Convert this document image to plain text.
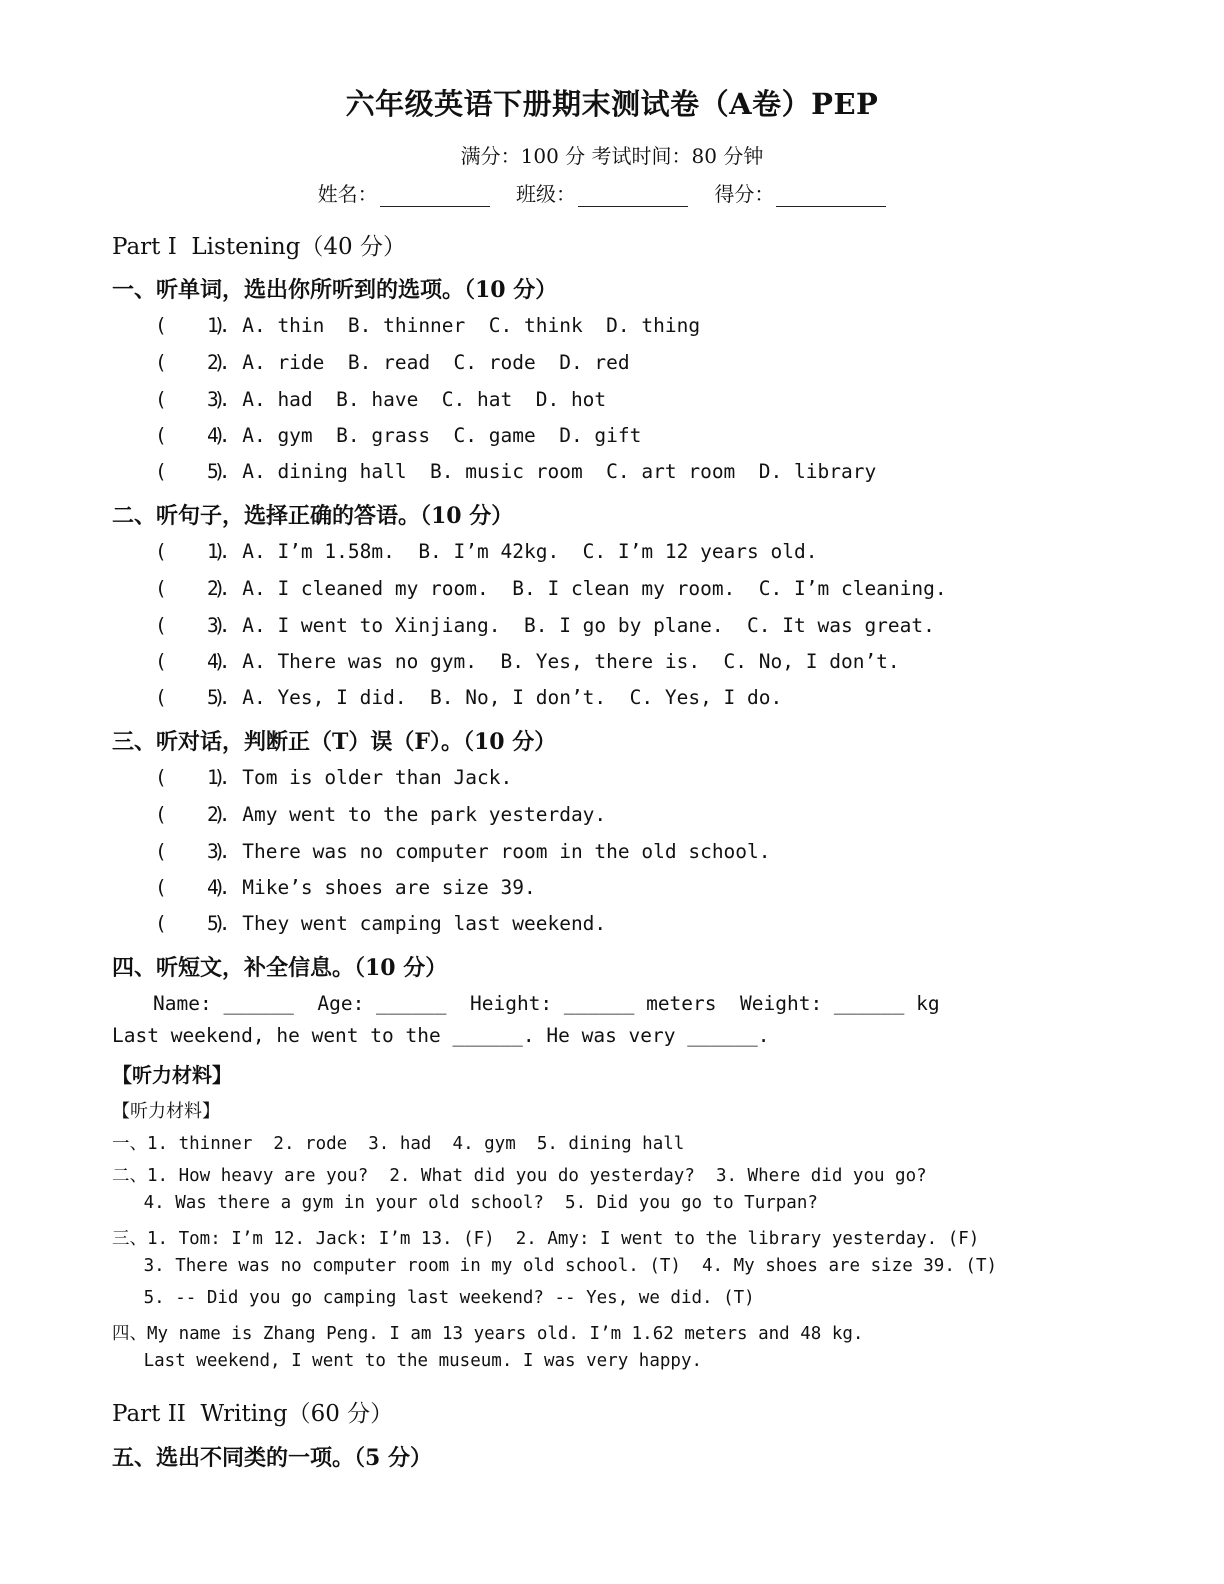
六年级英语下册期末测试卷（A卷）PEP
满分：100 分 考试时间：80 分钟
姓名：	班级：	得分：
Part I  Listening（40 分）
一、听单词，选出你所听到的选项。（10 分）
(    )1. A. thin  B. thinner  C. think  D. thing
(    )2. A. ride  B. read  C. rode  D. red
(    )3. A. had  B. have  C. hat  D. hot
(    )4. A. gym  B. grass  C. game  D. gift
(    )5. A. dining hall  B. music room  C. art room  D. library
二、听句子，选择正确的答语。（10 分）
(    )1. A. I’m 1.58m.  B. I’m 42kg.  C. I’m 12 years old.
(    )2. A. I cleaned my room.  B. I clean my room.  C. I’m cleaning.
(    )3. A. I went to Xinjiang.  B. I go by plane.  C. It was great.
(    )4. A. There was no gym.  B. Yes, there is.  C. No, I don’t.
(    )5. A. Yes, I did.  B. No, I don’t.  C. Yes, I do.
三、听对话，判断正（T）误（F）。（10 分）
(    )1. Tom is older than Jack.
(    )2. Amy went to the park yesterday.
(    )3. There was no computer room in the old school.
(    )4. Mike’s shoes are size 39.
(    )5. They went camping last weekend.
四、听短文，补全信息。（10 分）
Name: ______  Age: ______  Height: ______ meters  Weight: ______ kg
Last weekend, he went to the ______. He was very ______.
【听力材料】
【听力材料】
一、1. thinner  2. rode  3. had  4. gym  5. dining hall
二、1. How heavy are you?  2. What did you do yesterday?  3. Where did you go?
4. Was there a gym in your old school?  5. Did you go to Turpan?
三、1. Tom: I’m 12. Jack: I’m 13. (F)  2. Amy: I went to the library yesterday. (F)
3. There was no computer room in my old school. (T)  4. My shoes are size 39. (T)
5. -- Did you go camping last weekend? -- Yes, we did. (T)
四、My name is Zhang Peng. I am 13 years old. I’m 1.62 meters and 48 kg.
Last weekend, I went to the museum. I was very happy.
Part II  Writing（60 分）
五、选出不同类的一项。（5 分）
